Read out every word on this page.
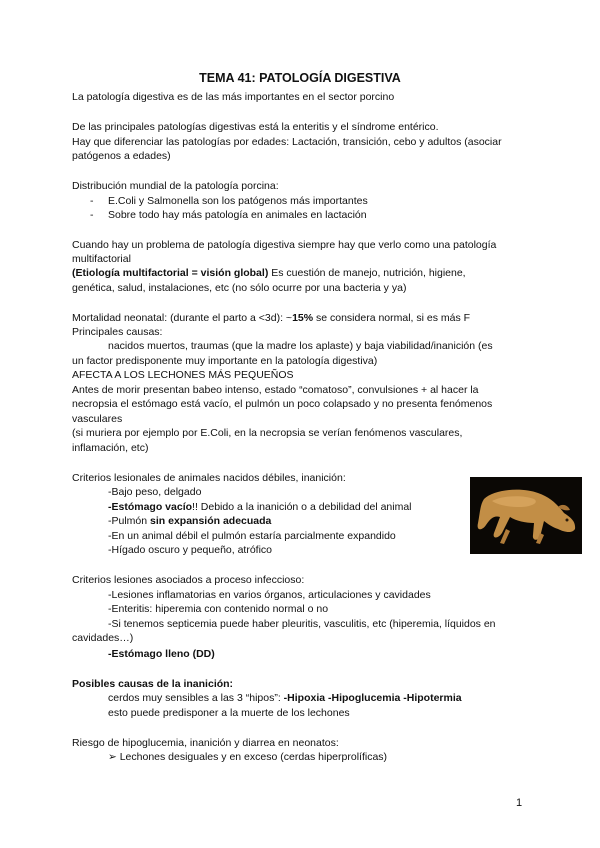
TEMA 41: PATOLOGÍA DIGESTIVA
La patología digestiva es de las más importantes en el sector porcino
De las principales patologías digestivas está la enteritis y el síndrome entérico.
Hay que diferenciar las patologías por edades: Lactación, transición, cebo y adultos (asociar
patógenos a edades)
Distribución mundial de la patología porcina:
- E.Coli y Salmonella son los patógenos más importantes
- Sobre todo hay más patología en animales en lactación
Cuando hay un problema de patología digestiva siempre hay que verlo como una patología
multifactorial
(Etiología multifactorial = visión global) Es cuestión de manejo, nutrición, higiene,
genética, salud, instalaciones, etc (no sólo ocurre por una bacteria y ya)
Mortalidad neonatal: (durante el parto a <3d): ~15% se considera normal, si es más F
Principales causas:
nacidos muertos, traumas (que la madre los aplaste) y baja viabilidad/inanición (es
un factor predisponente muy importante en la patología digestiva)
AFECTA A LOS LECHONES MÁS PEQUEÑOS
Antes de morir presentan babeo intenso, estado “comatoso”, convulsiones + al hacer la
necropsia el estómago está vacío, el pulmón un poco colapsado y no presenta fenómenos
vasculares
(si muriera por ejemplo por E.Coli, en la necropsia se verían fenómenos vasculares,
inflamación, etc)
Criterios lesionales de animales nacidos débiles, inanición:
-Bajo peso, delgado
-Estómago vacío!! Debido a la inanición o a debilidad del animal
-Pulmón sin expansión adecuada
-En un animal débil el pulmón estaría parcialmente expandido
-Hígado oscuro y pequeño, atrófico
Criterios lesiones asociados a proceso infeccioso:
-Lesiones inflamatorias en varios órganos, articulaciones y cavidades
-Enteritis: hiperemia con contenido normal o no
-Si tenemos septicemia puede haber pleuritis, vasculitis, etc (hiperemia, líquidos en
cavidades…)
-Estómago lleno (DD)
Posibles causas de la inanición:
cerdos muy sensibles a las 3 “hipos”: -Hipoxia -Hipoglucemia -Hipotermia
esto puede predisponer a la muerte de los lechones
Riesgo de hipoglucemia, inanición y diarrea en neonatos:
➢ Lechones desiguales y en exceso (cerdas hiperprolíficas)
1
